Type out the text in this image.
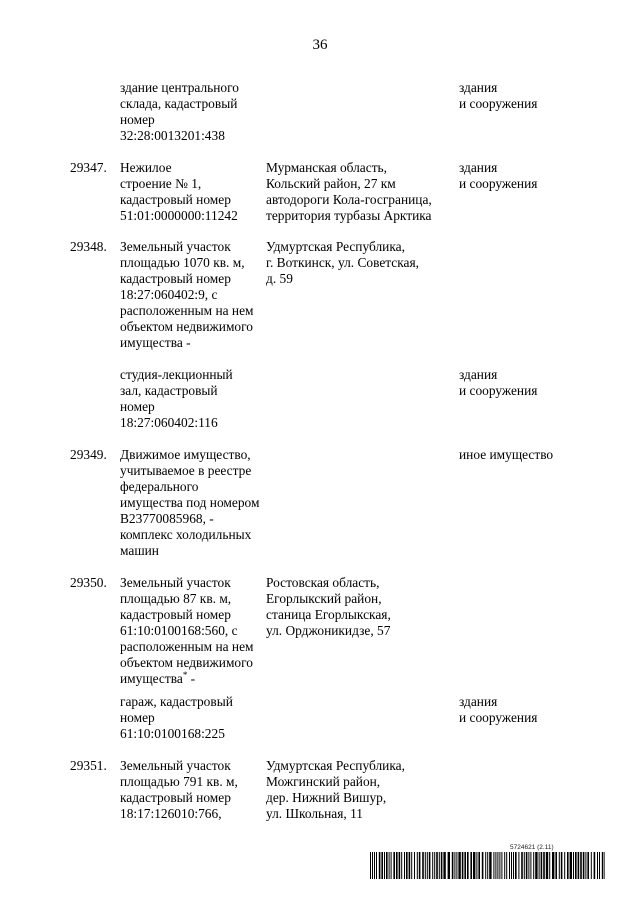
36
здание центрального
склада, кадастровый
номер
32:28:0013201:438
здания
и сооружения
29347. Нежилое
строение № 1,
кадастровый номер
51:01:0000000:11242
Мурманская область,
Кольский район, 27 км
автодороги Кола-госграница,
территория турбазы Арктика
здания
и сооружения
29348. Земельный участок
площадью 1070 кв. м,
кадастровый номер
18:27:060402:9, с
расположенным на нем
объектом недвижимого
имущества -
Удмуртская Республика,
г. Воткинск, ул. Советская,
д. 59
студия-лекционный
зал, кадастровый
номер
18:27:060402:116
здания
и сооружения
29349. Движимое имущество,
учитываемое в реестре
федерального
имущества под номером
В23770085968, -
комплекс холодильных
машин
иное имущество
29350. Земельный участок
площадью 87 кв. м,
кадастровый номер
61:10:0100168:560, с
расположенным на нем
объектом недвижимого
имущества* -
Ростовская область,
Егорлыкский район,
станица Егорлыкская,
ул. Орджоникидзе, 57
гараж, кадастровый
номер
61:10:0100168:225
здания
и сооружения
29351. Земельный участок
площадью 791 кв. м,
кадастровый номер
18:17:126010:766,
Удмуртская Республика,
Можгинский район,
дер. Нижний Вишур,
ул. Школьная, 11
5724621 (2.11)
